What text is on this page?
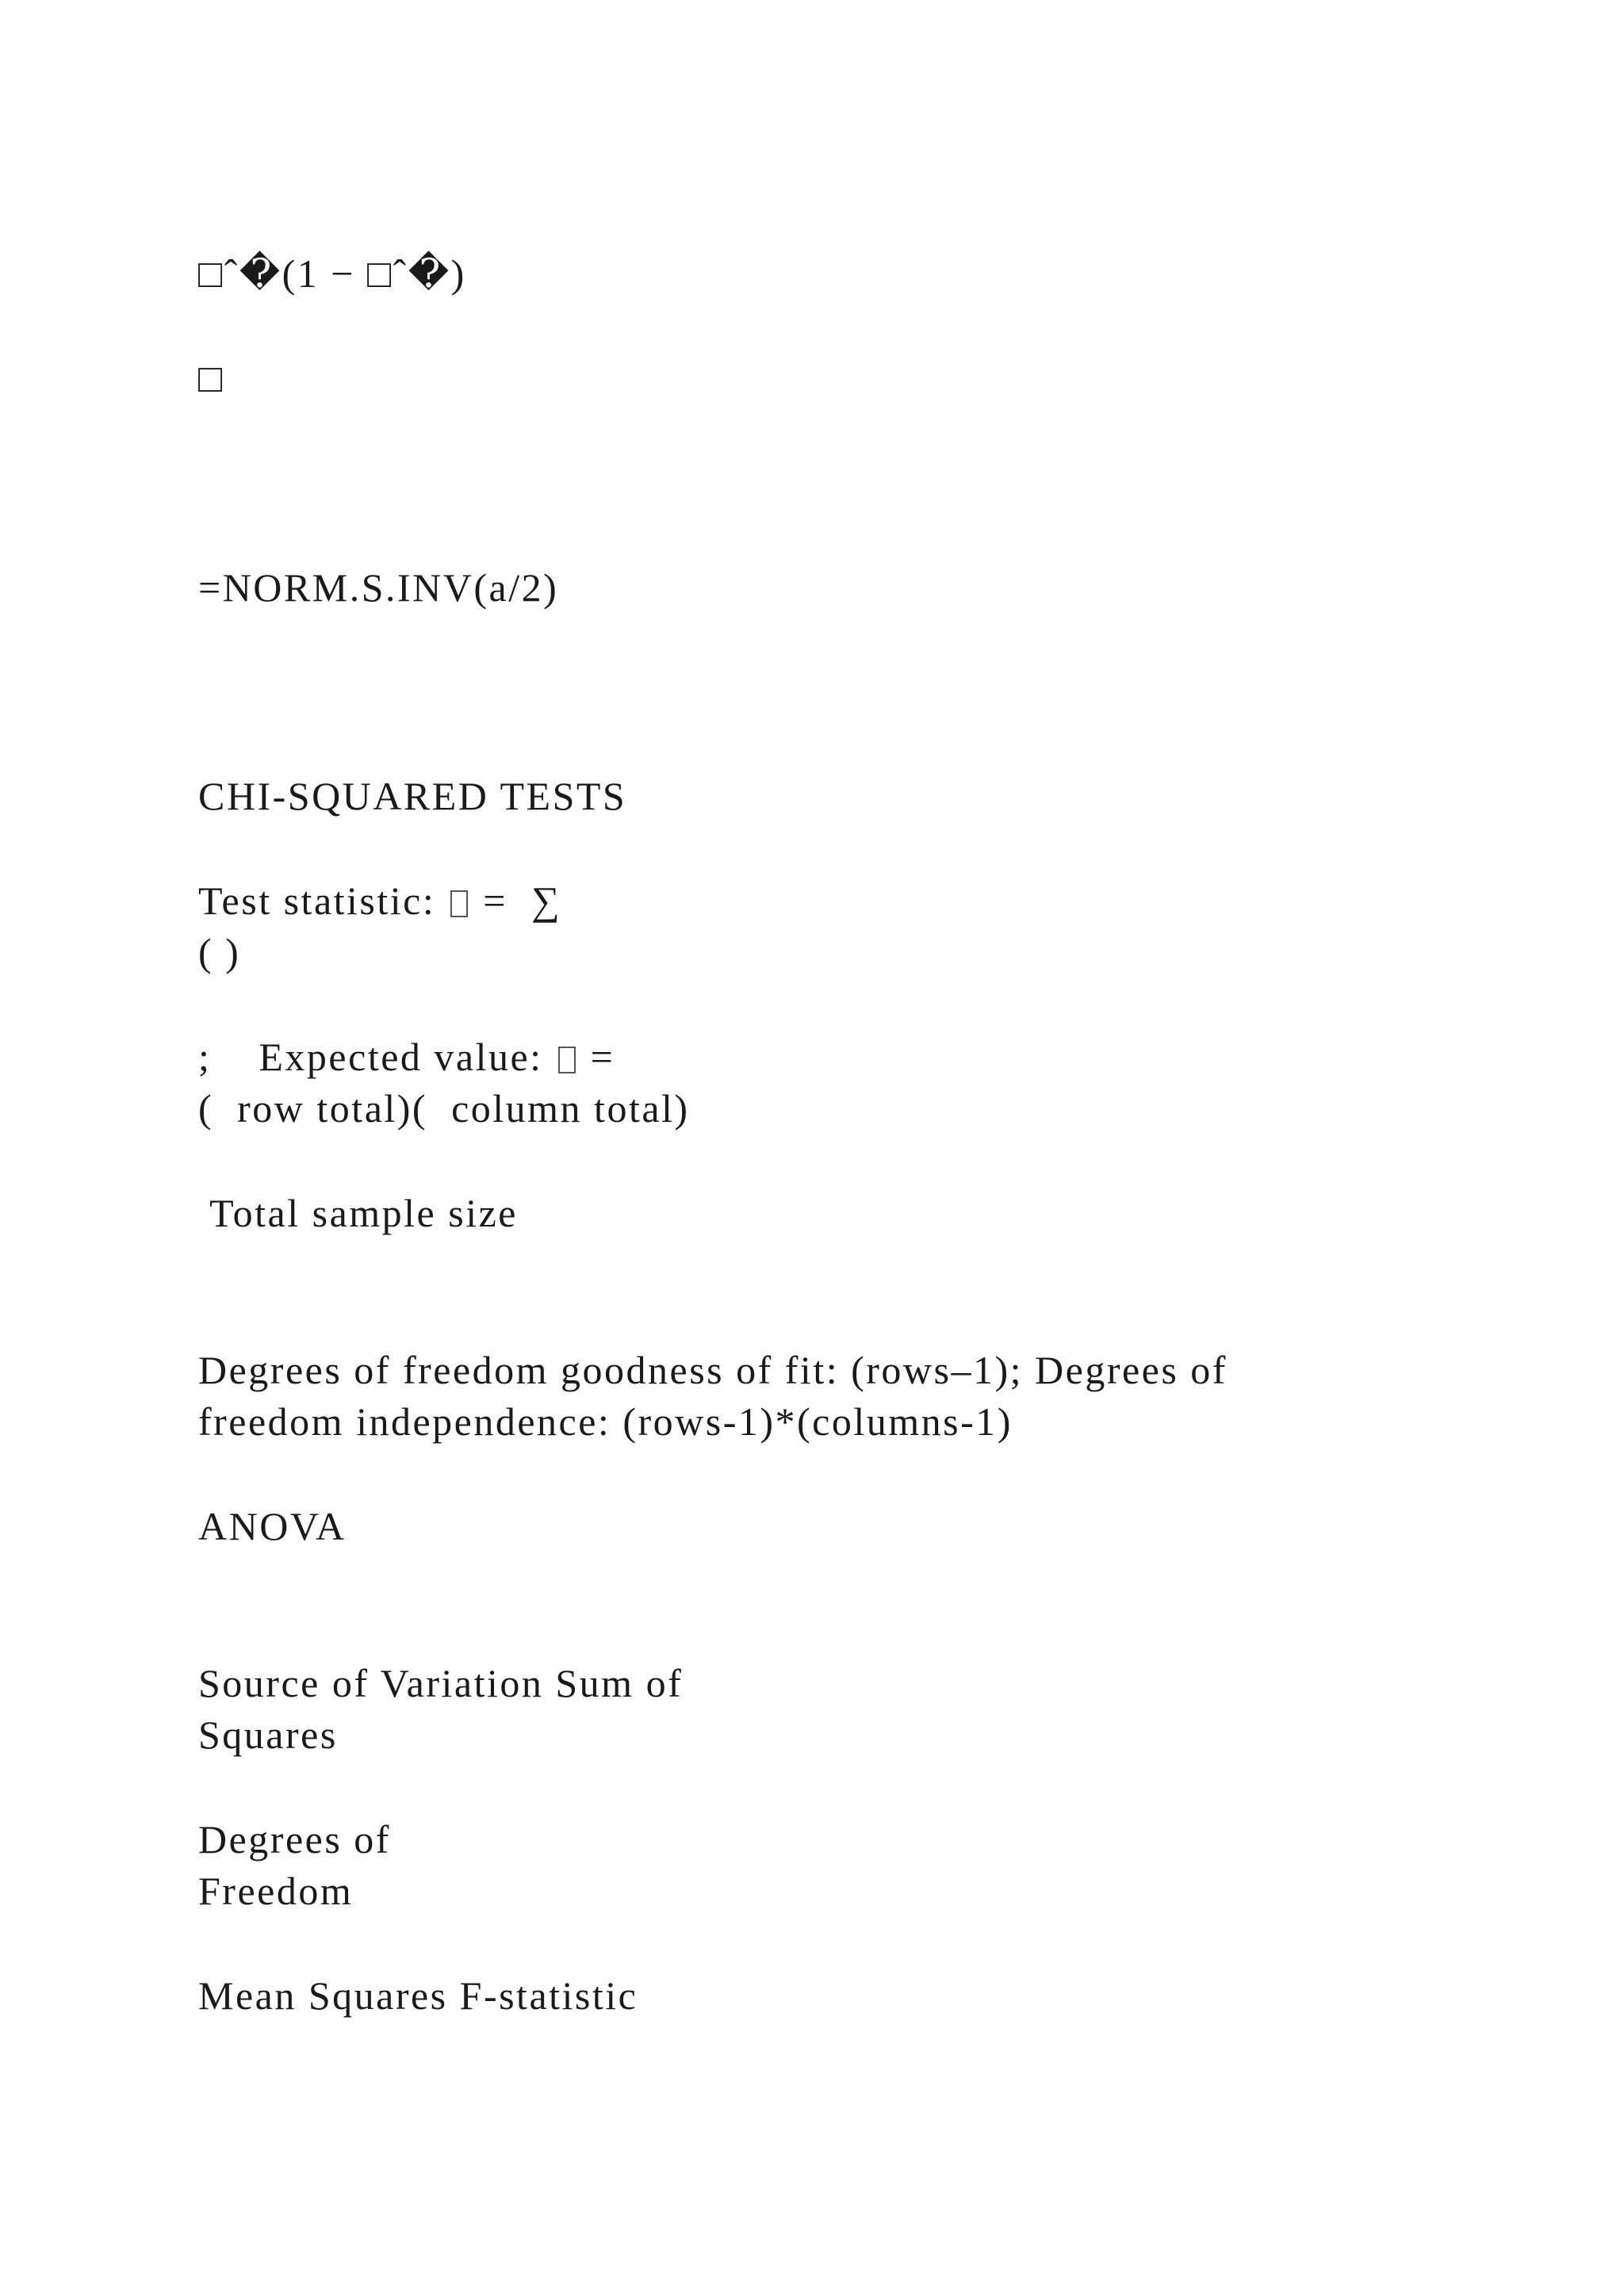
□ˆ�(1 − □ˆ�)

□

=NORM.S.INV(a/2)

CHI-SQUARED TESTS

Test statistic: =  ∑

( )

;    Expected value: =

(  row total)(  column total)

Total sample size

Degrees of freedom goodness of fit: (rows–1); Degrees of

freedom independence: (rows-1)*(columns-1)

ANOVA

Source of Variation Sum of

Squares

Degrees of

Freedom

Mean Squares F-statistic
